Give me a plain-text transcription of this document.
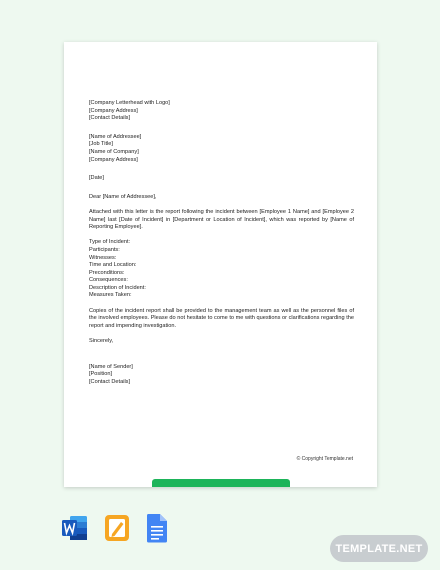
[Company Letterhead with Logo]
[Company Address]
[Contact Details]
[Name of Addressee]
[Job Title]
[Name of Company]
[Company Address]
[Date]
Dear [Name of Addressee],
Attached with this letter is the report following the incident between [Employee 1 Name] and [Employee 2 Name] last [Date of Incident] in [Department or Location of Incident], which was reported by [Name of Reporting Employee].
Type of Incident:
Participants:
Witnesses:
Time and Location:
Preconditions:
Consequences:
Description of Incident:
Measures Taken:
Copies of the incident report shall be provided to the management team as well as the personnel files of the involved employees. Please do not hesitate to come to me with questions or clarifications regarding the report and impending investigation.
Sincerely,
[Name of Sender]
[Position]
[Contact Details]
© Copyright Template.net
TEMPLATE.NET
